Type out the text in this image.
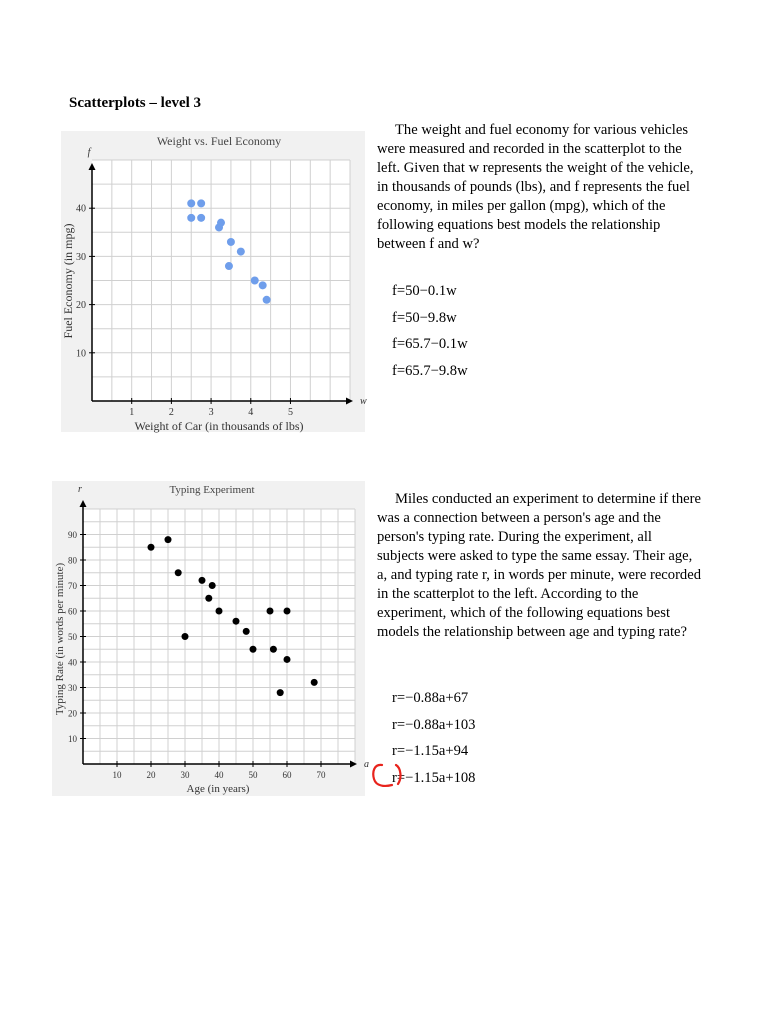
Scatterplots – level 3
w
f
1	2	3	4	5
10
20
30
40
Weight vs. Fuel Economy
Weight of Car (in thousands of lbs)
Fuel Economy (in mpg)
The weight and fuel economy for various vehicles were measured and recorded in the scatterplot to the left. Given that w represents the weight of the vehicle, in thousands of pounds (lbs), and f represents the fuel economy, in miles per gallon (mpg), which of the following equations best models the relationship between f and w?
f=50−0.1w
f=50−9.8w
f=65.7−0.1w
f=65.7−9.8w
a
r
10	20	30	40	50	60	70
10
20
30
40
50
60
70
80
90
Typing Experiment
Age (in years)
Typing Rate (in words per minute)
Miles conducted an experiment to determine if there was a connection between a person's age and the person's typing rate. During the experiment, all subjects were asked to type the same essay. Their age, a, and typing rate r, in words per minute, were recorded in the scatterplot to the left. According to the experiment, which of the following equations best models the relationship between age and typing rate?
r=−0.88a+67
r=−0.88a+103
r=−1.15a+94
r=−1.15a+108
